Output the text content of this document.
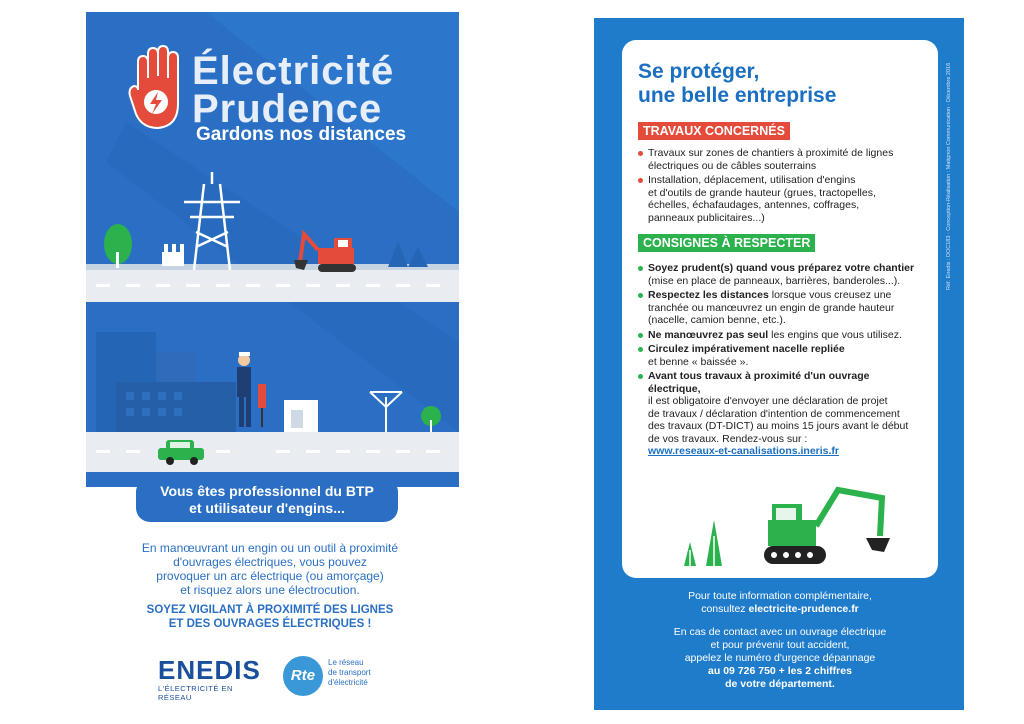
Électricité
Prudence
Gardons nos distances
Vous êtes professionnel du BTP
et utilisateur d'engins...
En manœuvrant un engin ou un outil à proximité
d'ouvrages électriques, vous pouvez
provoquer un arc électrique (ou amorçage)
et risquez alors une électrocution.
SOYEZ VIGILANT À PROXIMITÉ DES LIGNES
ET DES OUVRAGES ÉLECTRIQUES !
ENEDIS
L'ÉLECTRICITÉ EN RÉSEAU
Rte
Le réseau
de transport
d'électricité
Se protéger,
une belle entreprise
TRAVAUX CONCERNÉS
Travaux sur zones de chantiers à proximité de lignes
électriques ou de câbles souterrains
Installation, déplacement, utilisation d'engins
et d'outils de grande hauteur (grues, tractopelles,
échelles, échafaudages, antennes, coffrages,
panneaux publicitaires...)
CONSIGNES À RESPECTER
Soyez prudent(s) quand vous préparez votre chantier
(mise en place de panneaux, barrières, banderoles...).
Respectez les distances lorsque vous creusez une
tranchée ou manœuvrez un engin de grande hauteur
(nacelle, camion benne, etc.).
Ne manœuvrez pas seul les engins que vous utilisez.
Circulez impérativement nacelle repliée
et benne « baissée ».
Avant tous travaux à proximité d'un ouvrage électrique,
il est obligatoire d'envoyer une déclaration de projet
de travaux / déclaration d'intention de commencement
des travaux (DT-DICT) au moins 15 jours avant le début
de vos travaux. Rendez-vous sur :
www.reseaux-et-canalisations.ineris.fr
Pour toute information complémentaire,
consultez electricite-prudence.fr
En cas de contact avec un ouvrage électrique
et pour prévenir tout accident,
appelez le numéro d'urgence dépannage
au 09 726 750 + les 2 chiffres
de votre département.
Réf. Enedis : DOC183 · Conception-Réalisation : Matignon Communication · Décembre 2016
